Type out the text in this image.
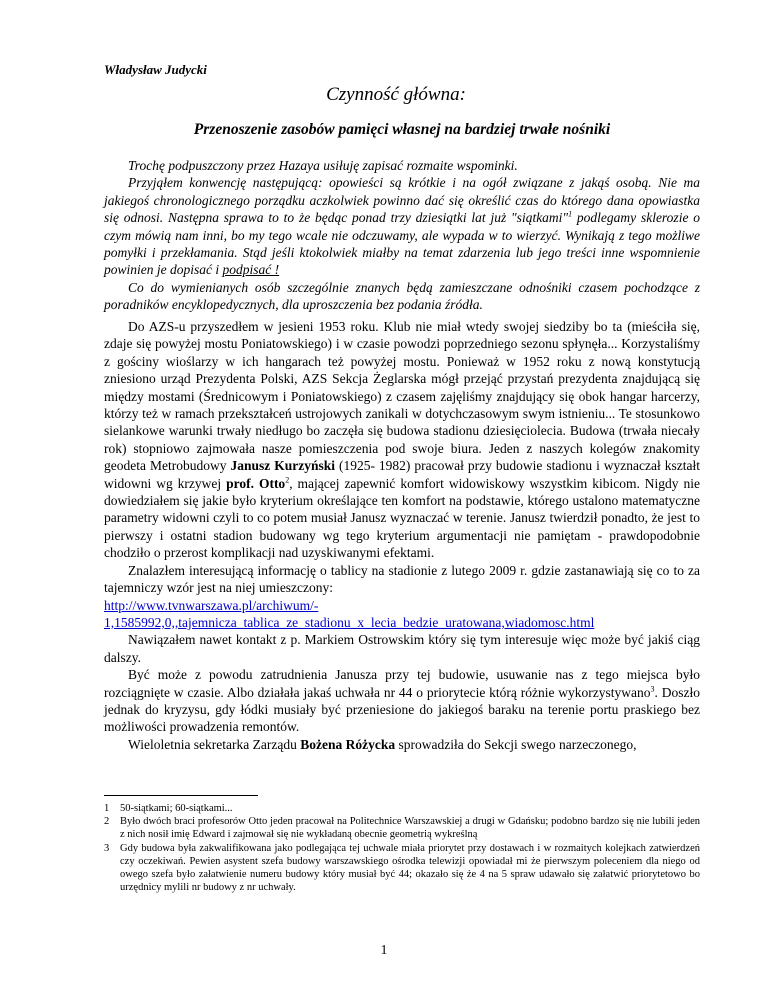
Władysław Judycki
Czynność główna:
Przenoszenie zasobów pamięci własnej na bardziej trwałe nośniki

Trochę podpuszczony przez Hazaya usiłuję zapisać rozmaite wspominki.

Przyjąłem konwencję następującą: opowieści są krótkie i na ogół związane z jakąś osobą. Nie ma jakiegoś chronologicznego porządku aczkolwiek powinno dać się określić czas do którego dana opowiastka się odnosi. Następna sprawa to to że będąc ponad trzy dziesiątki lat już "siątkami"$^1$ podlegamy sklerozie o czym mówią nam inni, bo my tego wcale nie odczuwamy, ale wypada w to wierzyć. Wynikają z tego możliwe pomyłki i przekłamania. Stąd jeśli ktokolwiek miałby na temat zdarzenia lub jego treści inne wspomnienie powinien je dopisać i podpisać !

Co do wymienianych osób szczególnie znanych będą zamieszczane odnośniki czasem pochodzące z poradników encyklopedycznych, dla uproszczenia bez podania źródła.

Do AZS-u przyszedłem w jesieni 1953 roku. Klub nie miał wtedy swojej siedziby bo ta (mieściła się, zdaje się powyżej mostu Poniatowskiego) i w czasie powodzi poprzedniego sezonu spłynęła... Korzystaliśmy z gościny wioślarzy w ich hangarach też powyżej mostu. Ponieważ w 1952 roku z nową konstytucją zniesiono urząd Prezydenta Polski, AZS Sekcja Żeglarska mógł przejąć przystań prezydenta znajdującą się między mostami (Średnicowym i Poniatowskiego) z czasem zajęliśmy znajdujący się obok hangar harcerzy, którzy też w ramach przekształceń ustrojowych zanikali w dotychczasowym swym istnieniu... Te stosunkowo sielankowe warunki trwały niedługo bo zaczęła się budowa stadionu dziesięciolecia. Budowa (trwała niecały rok) stopniowo zajmowała nasze pomieszczenia pod swoje biura. Jeden z naszych kolegów znakomity geodeta Metrobudowy Janusz Kurzyński (1925- 1982) pracował przy budowie stadionu i wyznaczał kształt widowni wg krzywej prof. Otto$^2$, mającej zapewnić komfort widowiskowy wszystkim kibicom. Nigdy nie dowiedziałem się jakie było kryterium określające ten komfort na podstawie, którego ustalono matematyczne parametry widowni czyli to co potem musiał Janusz wyznaczać w terenie. Janusz twierdził ponadto, że jest to pierwszy i ostatni stadion budowany wg tego kryterium argumentacji nie pamiętam - prawdopodobnie chodziło o przerost komplikacji nad uzyskiwanymi efektami.

Znalazłem interesującą informację o tablicy na stadionie z lutego 2009 r. gdzie zastanawiają się co to za tajemniczy wzór jest na niej umieszczony:

http://www.tvnwarszawa.pl/archiwum/-
1,1585992,0,,tajemnicza_tablica_ze_stadionu_x_lecia_bedzie_uratowana,wiadomosc.html

Nawiązałem nawet kontakt z p. Markiem Ostrowskim który się tym interesuje więc może być jakiś ciąg dalszy.

Być może z powodu zatrudnienia Janusza przy tej budowie, usuwanie nas z tego miejsca było rozciągnięte w czasie. Albo działała jakaś uchwała nr 44 o priorytecie którą różnie wykorzystywano$^3$. Doszło jednak do kryzysu, gdy łódki musiały być przeniesione do jakiegoś baraku na terenie portu praskiego bez możliwości prowadzenia remontów.

Wieloletnia sekretarka Zarządu Bożena Różycka sprowadziła do Sekcji swego narzeczonego,

1	50-siątkami; 60-siątkami...
2	Było dwóch braci profesorów Otto jeden pracował na Politechnice Warszawskiej a drugi w Gdańsku; podobno bardzo się nie lubili jeden z nich nosił imię Edward i zajmował się nie wykładaną obecnie geometrią wykreślną
3	Gdy budowa była zakwalifikowana jako podlegająca tej uchwale miała priorytet przy dostawach i w rozmaitych kolejkach zatwierdzeń czy oczekiwań. Pewien asystent szefa budowy warszawskiego ośrodka telewizji opowiadał mi że pierwszym poleceniem dla niego od owego szefa było załatwienie numeru budowy który musiał być 44; okazało się że 4 na 5 spraw udawało się załatwić priorytetowo bo urzędnicy mylili nr budowy z nr uchwały.
1
